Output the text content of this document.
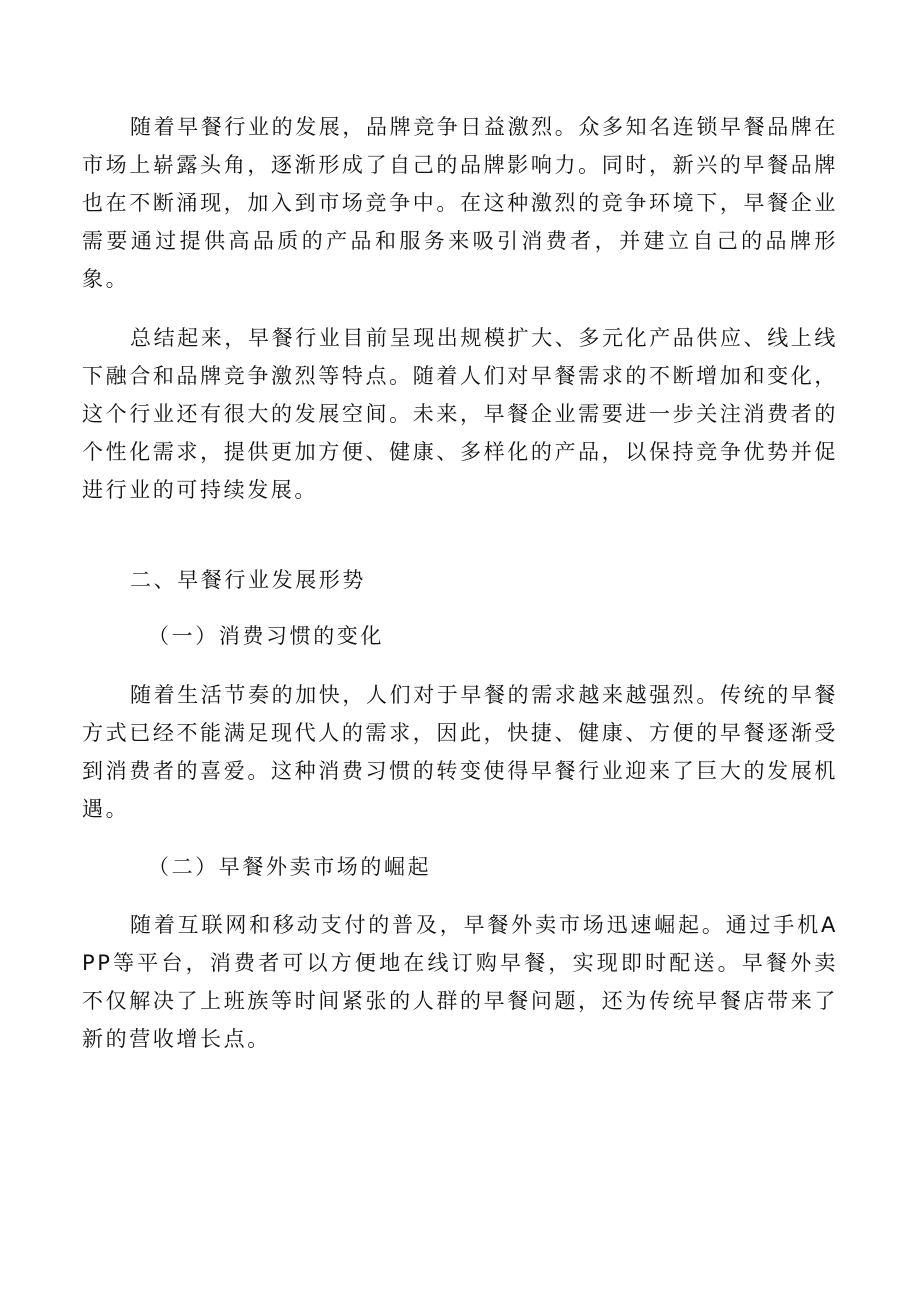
随着早餐行业的发展，品牌竞争日益激烈。众多知名连锁早餐品牌在市场上崭露头角，逐渐形成了自己的品牌影响力。同时，新兴的早餐品牌也在不断涌现，加入到市场竞争中。在这种激烈的竞争环境下，早餐企业需要通过提供高品质的产品和服务来吸引消费者，并建立自己的品牌形象。

总结起来，早餐行业目前呈现出规模扩大、多元化产品供应、线上线下融合和品牌竞争激烈等特点。随着人们对早餐需求的不断增加和变化，这个行业还有很大的发展空间。未来，早餐企业需要进一步关注消费者的个性化需求，提供更加方便、健康、多样化的产品，以保持竞争优势并促进行业的可持续发展。

二、早餐行业发展形势
（一）消费习惯的变化

随着生活节奏的加快，人们对于早餐的需求越来越强烈。传统的早餐方式已经不能满足现代人的需求，因此，快捷、健康、方便的早餐逐渐受到消费者的喜爱。这种消费习惯的转变使得早餐行业迎来了巨大的发展机遇。

（二）早餐外卖市场的崛起

随着互联网和移动支付的普及，早餐外卖市场迅速崛起。通过手机APP等平台，消费者可以方便地在线订购早餐，实现即时配送。早餐外卖不仅解决了上班族等时间紧张的人群的早餐问题，还为传统早餐店带来了新的营收增长点。
